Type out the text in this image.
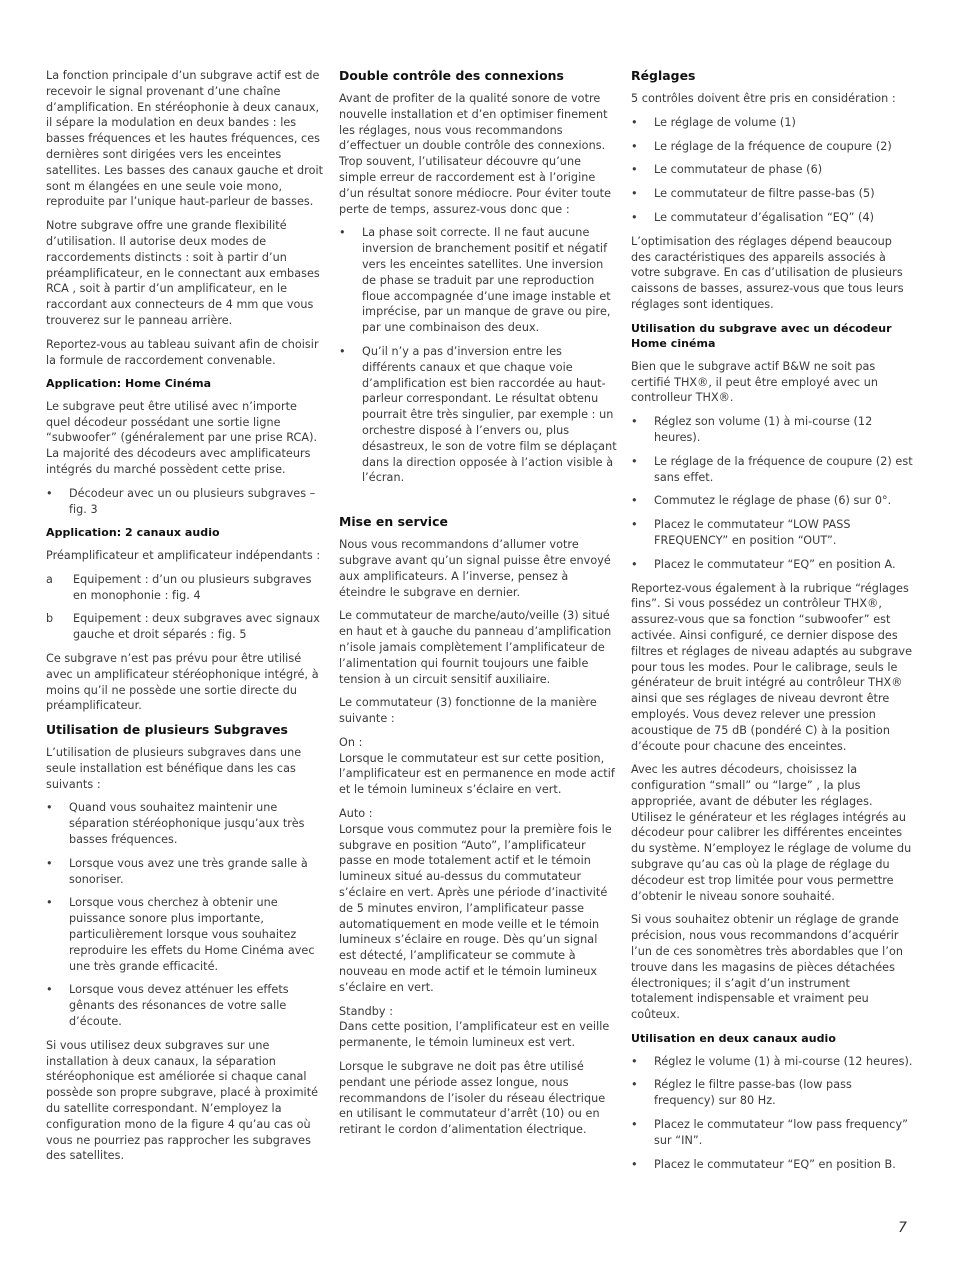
La fonction principale d’un subgrave actif est de recevoir le signal provenant d’une chaîne d’amplification. En stéréophonie à deux canaux, il sépare la modulation en deux bandes : les basses fréquences et les hautes fréquences, ces dernières sont dirigées vers les enceintes satellites. Les basses des canaux gauche et droit sont m élangées en une seule voie mono, reproduite par l’unique haut-parleur de basses.

Notre subgrave offre une grande flexibilité d’utilisation. Il autorise deux modes de raccordements distincts : soit à partir d’un préamplificateur, en le connectant aux embases RCA , soit à partir d’un amplificateur, en le raccordant aux connecteurs de 4 mm que vous trouverez sur le panneau arrière.

Reportez-vous au tableau suivant afin de choisir la formule de raccordement convenable.

Application: Home Cinéma

Le subgrave peut être utilisé avec n’importe quel décodeur possédant une sortie ligne “subwoofer” (généralement par une prise RCA). La majorité des décodeurs avec amplificateurs intégrés du marché possèdent cette prise.

• Décodeur avec un ou plusieurs subgraves – fig. 3
Application: 2 canaux audio

Préamplificateur et amplificateur indépendants :

a Equipement : d’un ou plusieurs subgraves en monophonie : fig. 4
b Equipement : deux subgraves avec signaux gauche et droit séparés : fig. 5

Ce subgrave n’est pas prévu pour être utilisé avec un amplificateur stéréophonique intégré, à moins qu’il ne possède une sortie directe du préamplificateur.

Utilisation de plusieurs Subgraves

L’utilisation de plusieurs subgraves dans une seule installation est bénéfique dans les cas suivants :

• Quand vous souhaitez maintenir une séparation stéréophonique jusqu’aux très basses fréquences.
• Lorsque vous avez une très grande salle à sonoriser.
• Lorsque vous cherchez à obtenir une puissance sonore plus importante, particulièrement lorsque vous souhaitez reproduire les effets du Home Cinéma avec une très grande efficacité.
• Lorsque vous devez atténuer les effets gênants des résonances de votre salle d’écoute.

Si vous utilisez deux subgraves sur une installation à deux canaux, la séparation stéréophonique est améliorée si chaque canal possède son propre subgrave, placé à proximité du satellite correspondant. N’employez la configuration mono de la figure 4 qu’au cas où vous ne pourriez pas rapprocher les subgraves des satellites.

Double contrôle des connexions

Avant de profiter de la qualité sonore de votre nouvelle installation et d’en optimiser finement les réglages, nous vous recommandons d’effectuer un double contrôle des connexions. Trop souvent, l’utilisateur découvre qu’une simple erreur de raccordement est à l’origine d’un résultat sonore médiocre. Pour éviter toute perte de temps, assurez-vous donc que :

• La phase soit correcte. Il ne faut aucune inversion de branchement positif et négatif vers les enceintes satellites. Une inversion de phase se traduit par une reproduction floue accompagnée d’une image instable et imprécise, par un manque de grave ou pire, par une combinaison des deux.
• Qu’il n’y a pas d’inversion entre les différents canaux et que chaque voie d’amplification est bien raccordée au haut-parleur correspondant. Le résultat obtenu pourrait être très singulier, par exemple : un orchestre disposé à l’envers ou, plus désastreux, le son de votre film se déplaçant dans la direction opposée à l’action visible à l’écran.
Mise en service

Nous vous recommandons d’allumer votre subgrave avant qu’un signal puisse être envoyé aux amplificateurs. A l’inverse, pensez à éteindre le subgrave en dernier.

Le commutateur de marche/auto/veille (3) situé en haut et à gauche du panneau d’amplification n’isole jamais complètement l’amplificateur de l’alimentation qui fournit toujours une faible tension à un circuit sensitif auxiliaire.

Le commutateur (3) fonctionne de la manière suivante :

On :
Lorsque le commutateur est sur cette position, l’amplificateur est en permanence en mode actif et le témoin lumineux s’éclaire en vert.

Auto :
Lorsque vous commutez pour la première fois le subgrave en position “Auto”, l’amplificateur passe en mode totalement actif et le témoin lumineux situé au-dessus du commutateur s’éclaire en vert. Après une période d’inactivité de 5 minutes environ, l’amplificateur passe automatiquement en mode veille et le témoin lumineux s’éclaire en rouge. Dès qu’un signal est détecté, l’amplificateur se commute à nouveau en mode actif et le témoin lumineux s’éclaire en vert.

Standby :
Dans cette position, l’amplificateur est en veille permanente, le témoin lumineux est vert.

Lorsque le subgrave ne doit pas être utilisé pendant une période assez longue, nous recommandons de l’isoler du réseau électrique en utilisant le commutateur d’arrêt (10) ou en retirant le cordon d’alimentation électrique.

Réglages

5 contrôles doivent être pris en considération :

• Le réglage de volume (1)
• Le réglage de la fréquence de coupure (2)
• Le commutateur de phase (6)
• Le commutateur de filtre passe-bas (5)
• Le commutateur d’égalisation “EQ” (4)

L’optimisation des réglages dépend beaucoup des caractéristiques des appareils associés à votre subgrave. En cas d’utilisation de plusieurs caissons de basses, assurez-vous que tous leurs réglages sont identiques.

Utilisation du subgrave avec un décodeur Home cinéma

Bien que le subgrave actif B&W ne soit pas certifié THX®, il peut être employé avec un controlleur THX®.

• Réglez son volume (1) à mi-course (12 heures).
• Le réglage de la fréquence de coupure (2) est sans effet.
• Commutez le réglage de phase (6) sur 0°.
• Placez le commutateur “LOW PASS FREQUENCY” en position “OUT”.
• Placez le commutateur “EQ” en position A.

Reportez-vous également à la rubrique “réglages fins”. Si vous possédez un contrôleur THX®, assurez-vous que sa fonction “subwoofer” est activée. Ainsi configuré, ce dernier dispose des filtres et réglages de niveau adaptés au subgrave pour tous les modes. Pour le calibrage, seuls le générateur de bruit intégré au contrôleur THX® ainsi que ses réglages de niveau devront être employés. Vous devez relever une pression acoustique de 75 dB (pondéré C) à la position d’écoute pour chacune des enceintes.

Avec les autres décodeurs, choisissez la configuration “small” ou “large” , la plus appropriée, avant de débuter les réglages. Utilisez le générateur et les réglages intégrés au décodeur pour calibrer les différentes enceintes du système. N’employez le réglage de volume du subgrave qu’au cas où la plage de réglage du décodeur est trop limitée pour vous permettre d’obtenir le niveau sonore souhaité.

Si vous souhaitez obtenir un réglage de grande précision, nous vous recommandons d’acquérir l’un de ces sonomètres très abordables que l’on trouve dans les magasins de pièces détachées électroniques; il s’agit d’un instrument totalement indispensable et vraiment peu coûteux.

Utilisation en deux canaux audio
• Réglez le volume (1) à mi-course (12 heures).
• Réglez le filtre passe-bas (low pass frequency) sur 80 Hz.
• Placez le commutateur “low pass frequency” sur “IN”.
• Placez le commutateur “EQ” en position B.
7
